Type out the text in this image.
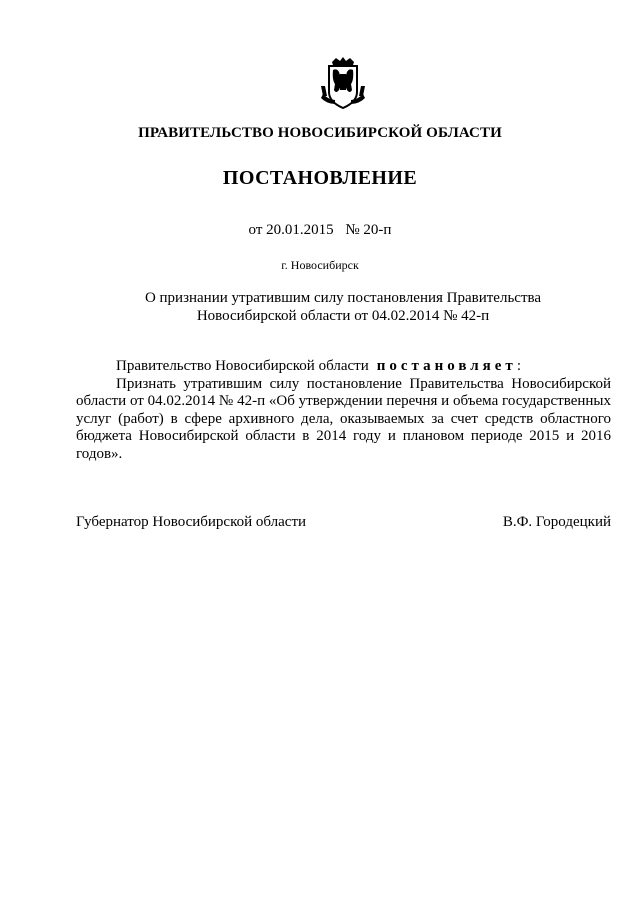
ПРАВИТЕЛЬСТВО НОВОСИБИРСКОЙ ОБЛАСТИ
ПОСТАНОВЛЕНИЕ
от 20.01.2015 № 20-п
г. Новосибирск
О признании утратившим силу постановления Правительства
Новосибирской области от 04.02.2014 № 42-п

Правительство Новосибирской области постановляет:

Признать утратившим силу постановление Правительства Новосибирской области от 04.02.2014 № 42-п «Об утверждении перечня и объема государственных услуг (работ) в сфере архивного дела, оказываемых за счет средств областного бюджета Новосибирской области в 2014 году и плановом периоде 2015 и 2016 годов».

Губернатор Новосибирской области	В.Ф. Городецкий
